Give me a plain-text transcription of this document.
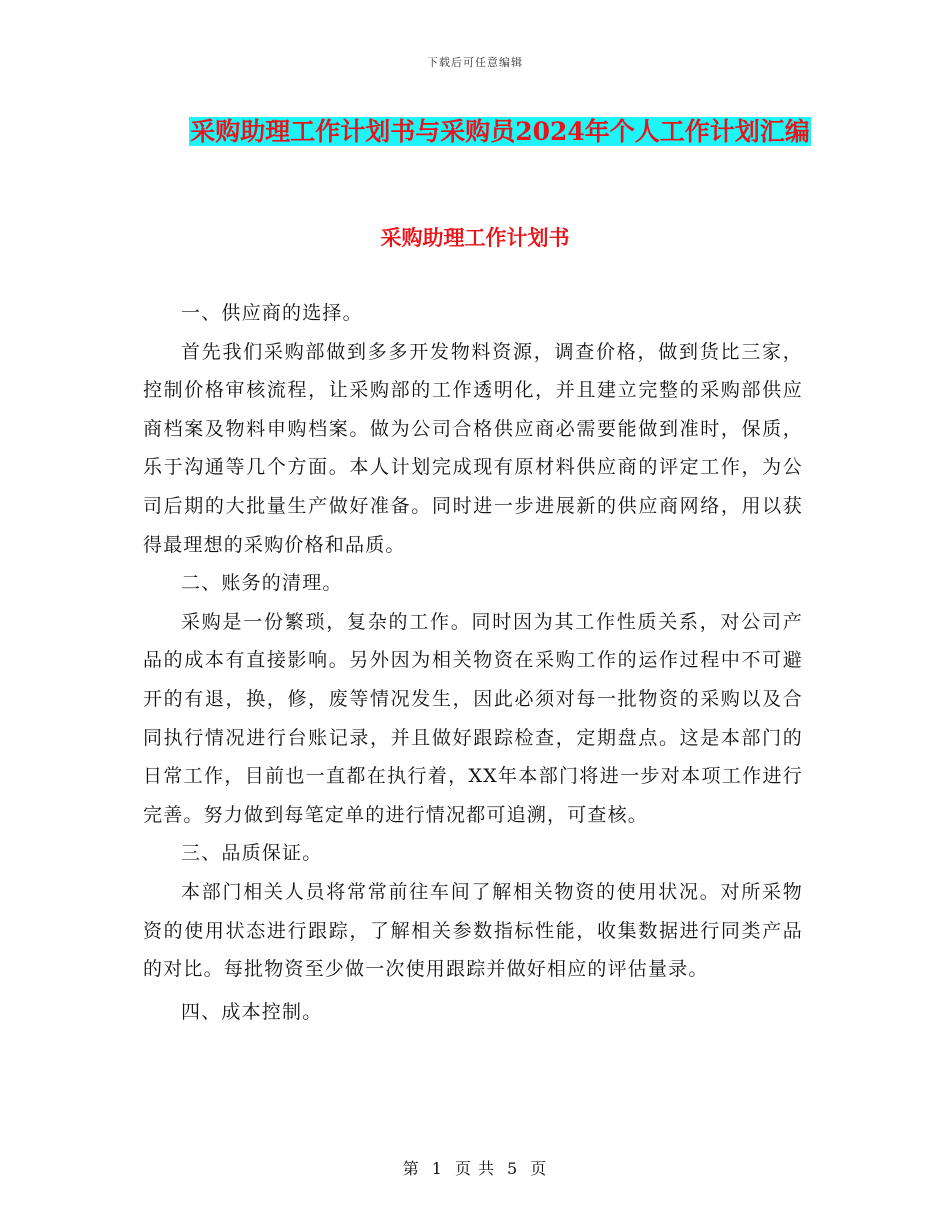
下载后可任意编辑
采购助理工作计划书与采购员2024年个人工作计划汇编
采购助理工作计划书

一、供应商的选择。

首先我们采购部做到多多开发物料资源，调查价格，做到货比三家，控制价格审核流程，让采购部的工作透明化，并且建立完整的采购部供应商档案及物料申购档案。做为公司合格供应商必需要能做到准时，保质，乐于沟通等几个方面。本人计划完成现有原材料供应商的评定工作，为公司后期的大批量生产做好准备。同时进一步进展新的供应商网络，用以获得最理想的采购价格和品质。

二、账务的清理。

采购是一份繁琐，复杂的工作。同时因为其工作性质关系，对公司产品的成本有直接影响。另外因为相关物资在采购工作的运作过程中不可避开的有退，换，修，废等情况发生，因此必须对每一批物资的采购以及合同执行情况进行台账记录，并且做好跟踪检查，定期盘点。这是本部门的日常工作，目前也一直都在执行着，XX年本部门将进一步对本项工作进行完善。努力做到每笔定单的进行情况都可追溯，可查核。

三、品质保证。

本部门相关人员将常常前往车间了解相关物资的使用状况。对所采物资的使用状态进行跟踪，了解相关参数指标性能，收集数据进行同类产品的对比。每批物资至少做一次使用跟踪并做好相应的评估量录。

四、成本控制。

第 1 页 共 5 页
